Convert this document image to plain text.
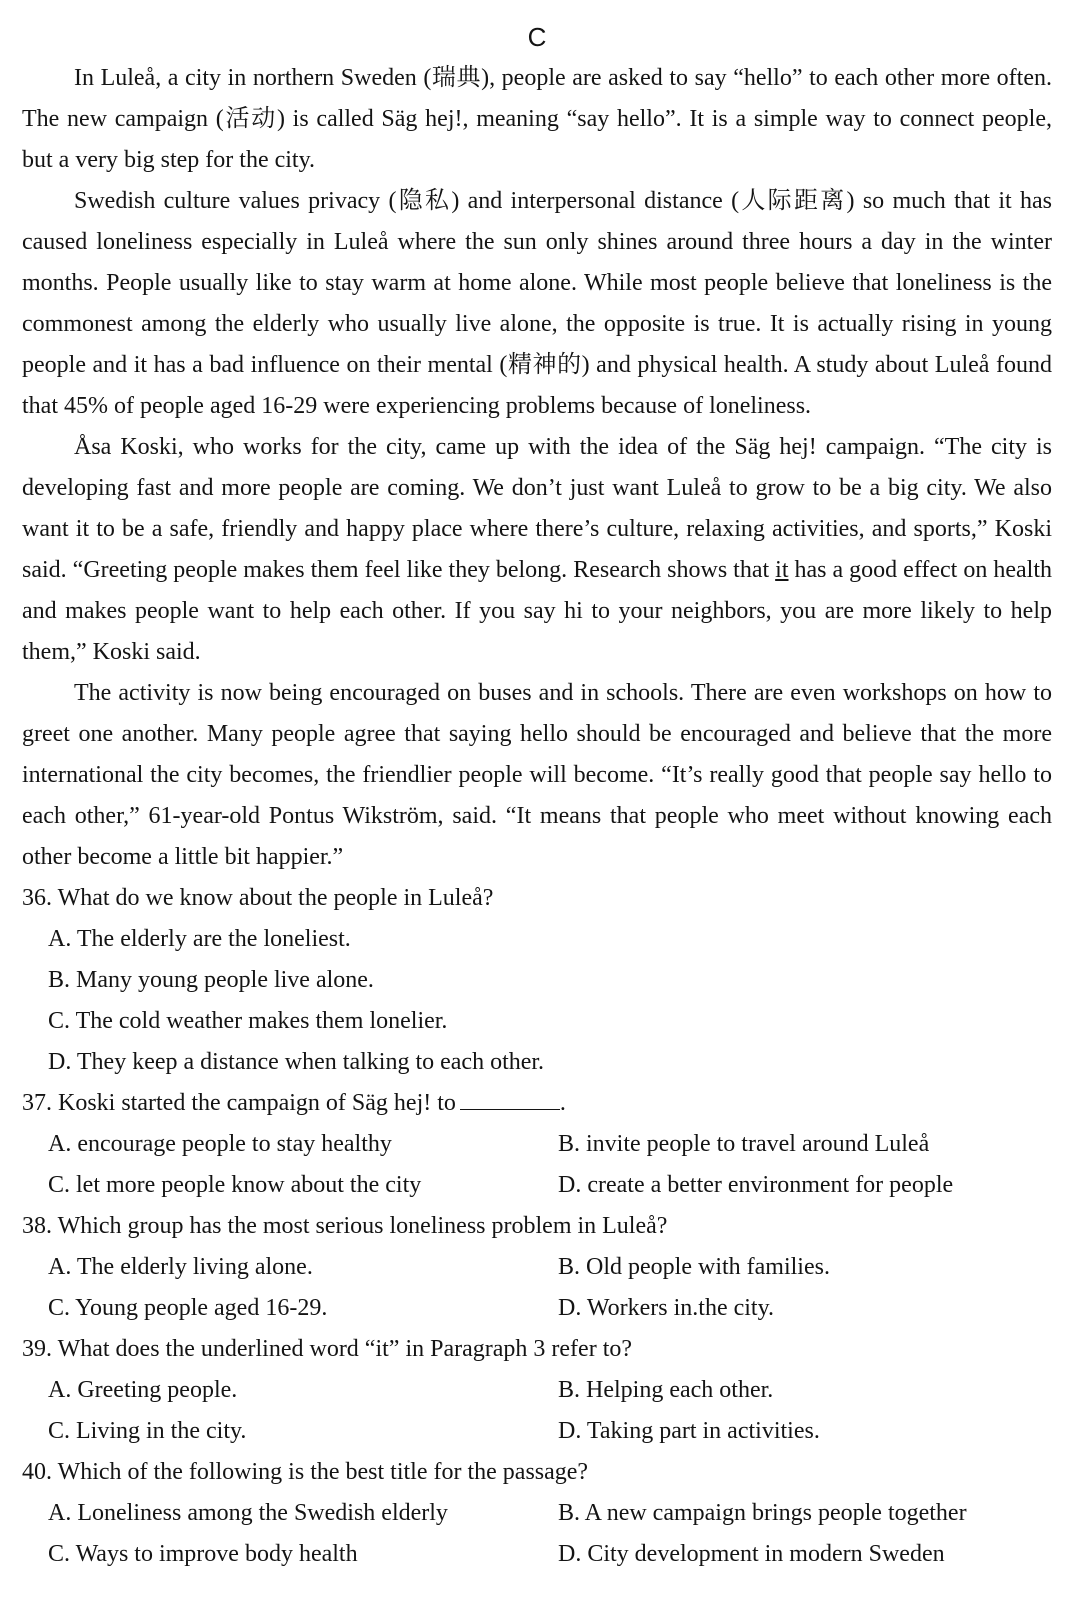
C

In Luleå, a city in northern Sweden (瑞典), people are asked to say “hello” to each other more often. The new campaign (活动) is called Säg hej!, meaning “say hello”. It is a simple way to connect people, but a very big step for the city.

Swedish culture values privacy (隐私) and interpersonal distance (人际距离) so much that it has caused loneliness especially in Luleå where the sun only shines around three hours a day in the winter months. People usually like to stay warm at home alone. While most people believe that loneliness is the commonest among the elderly who usually live alone, the opposite is true. It is actually rising in young people and it has a bad influence on their mental (精神的) and physical health. A study about Luleå found that 45% of people aged 16-29 were experiencing problems because of loneliness.

Åsa Koski, who works for the city, came up with the idea of the Säg hej! campaign. “The city is developing fast and more people are coming. We don’t just want Luleå to grow to be a big city. We also want it to be a safe, friendly and happy place where there’s culture, relaxing activities, and sports,” Koski said. “Greeting people makes them feel like they belong. Research shows that it has a good effect on health and makes people want to help each other. If you say hi to your neighbors, you are more likely to help them,” Koski said.

The activity is now being encouraged on buses and in schools. There are even workshops on how to greet one another. Many people agree that saying hello should be encouraged and believe that the more international the city becomes, the friendlier people will become. “It’s really good that people say hello to each other,” 61-year-old Pontus Wikström, said. “It means that people who meet without knowing each other become a little bit happier.”

36. What do we know about the people in Luleå?

A. The elderly are the loneliest.
B. Many young people live alone.
C. The cold weather makes them lonelier.
D. They keep a distance when talking to each other.

37. Koski started the campaign of Säg hej! to	.

A. encourage people to stay healthy	B. invite people to travel around Luleå
C. let more people know about the city	D. create a better environment for people

38. Which group has the most serious loneliness problem in Luleå?

A. The elderly living alone.	B. Old people with families.
C. Young people aged 16-29.	D. Workers in.the city.

39. What does the underlined word “it” in Paragraph 3 refer to?

A. Greeting people.	B. Helping each other.
C. Living in the city.	D. Taking part in activities.

40. Which of the following is the best title for the passage?

A. Loneliness among the Swedish elderly	B. A new campaign brings people together
C. Ways to improve body health	D. City development in modern Sweden
